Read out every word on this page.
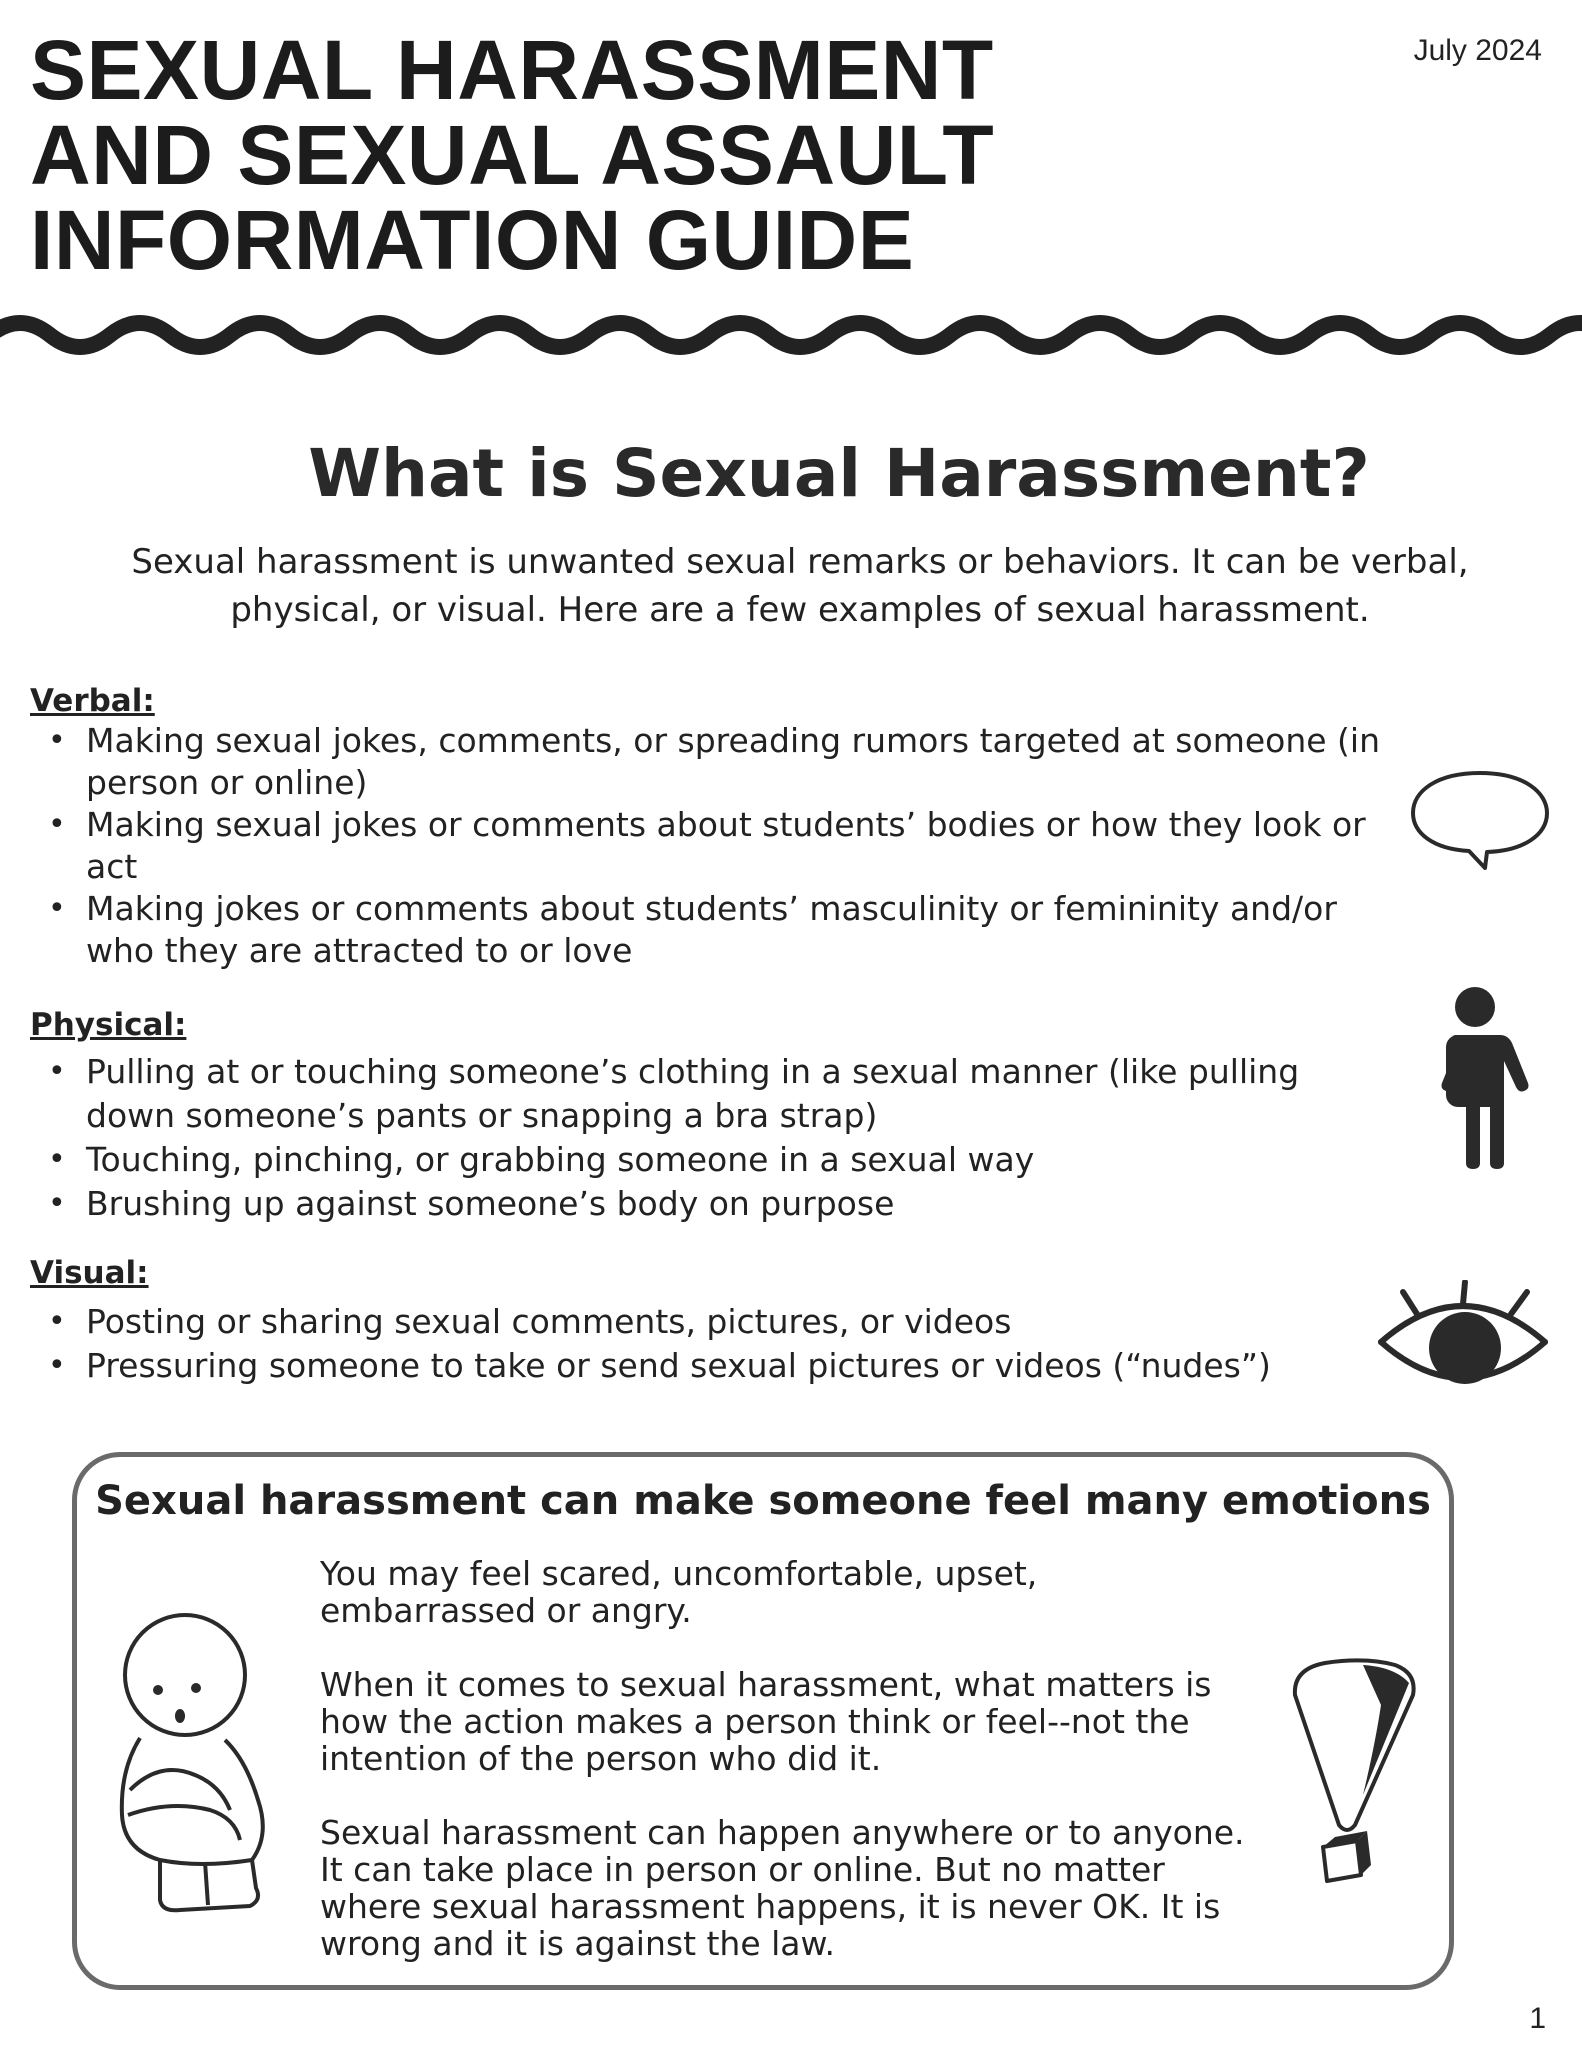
SEXUAL HARASSMENT
AND SEXUAL ASSAULT
INFORMATION GUIDE
July 2024
What is Sexual Harassment?

Sexual harassment is unwanted sexual remarks or behaviors. It can be verbal, physical, or visual. Here are a few examples of sexual harassment.

Verbal:
• Making sexual jokes, comments, or spreading rumors targeted at someone (in person or online)
• Making sexual jokes or comments about students’ bodies or how they look or act
• Making jokes or comments about students’ masculinity or femininity and/or who they are attracted to or love
Physical:
• Pulling at or touching someone’s clothing in a sexual manner (like pulling down someone’s pants or snapping a bra strap)
• Touching, pinching, or grabbing someone in a sexual way
• Brushing up against someone’s body on purpose
Visual:
• Posting or sharing sexual comments, pictures, or videos
• Pressuring someone to take or send sexual pictures or videos (“nudes”)
Sexual harassment can make someone feel many emotions

You may feel scared, uncomfortable, upset, embarrassed or angry.

When it comes to sexual harassment, what matters is how the action makes a person think or feel--not the intention of the person who did it.

Sexual harassment can happen anywhere or to anyone. It can take place in person or online. But no matter where sexual harassment happens, it is never OK. It is wrong and it is against the law.

1
